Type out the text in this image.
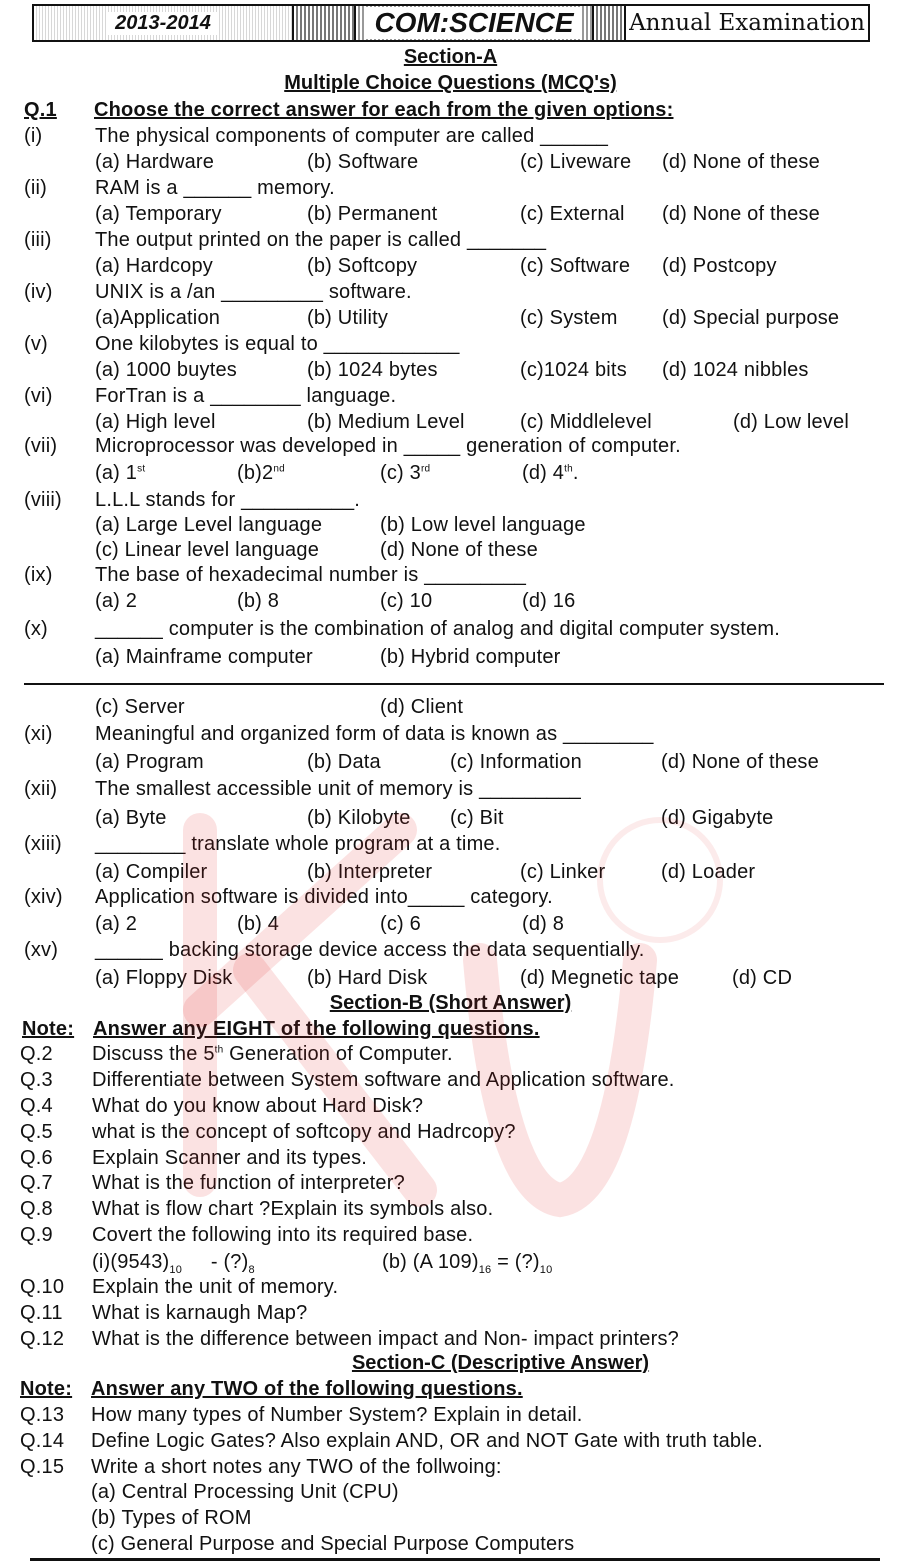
2013-2014	COM:SCIENCE	Annual Examination
Section-A
Multiple Choice Questions (MCQ's)
Q.1 Choose the correct answer for each from the given options:
(i)	The physical components of computer are called ______
(a) Hardware	(b) Software	(c) Liveware (d) None of these
(ii) RAM is a ______ memory.
(a) Temporary	(b) Permanent	(c) External (d) None of these
(iii) The output printed on the paper is called _______
(a) Hardcopy	(b) Softcopy	(c) Software (d) Postcopy
(iv) UNIX is a /an _________ software.
(a)Application	(b) Utility	(c) System (d) Special purpose
(v) One kilobytes is equal to ____________
(a) 1000 buytes	(b) 1024 bytes	(c)1024 bits (d) 1024 nibbles
(vi) ForTran is a ________ language.
(a) High level	(b) Medium Level	(c) Middlelevel	(d) Low level
(vii) Microprocessor was developed in _____ generation of computer.
(a) 1st	(b)2nd	(c) 3rd	(d) 4th.
(viii) L.L.L stands for __________.
(a) Large Level language	(b) Low level language
(c) Linear level language	(d) None of these
(ix) The base of hexadecimal number is _________
(a) 2	(b) 8	(c) 10	(d) 16
(x) ______ computer is the combination of analog and digital computer system.
(a) Mainframe computer	(b) Hybrid computer
(c) Server	(d) Client
(xi) Meaningful and organized form of data is known as ________
(a) Program	(b) Data	(c) Information	(d) None of these
(xii) The smallest accessible unit of memory is _________
(a) Byte	(b) Kilobyte (c) Bit	(d) Gigabyte
(xiii) ________ translate whole program at a time.
(a) Compiler	(b) Interpreter	(c) Linker	(d) Loader
(xiv) Application software is divided into_____ category.
(a) 2	(b) 4	(c) 6	(d) 8
(xv) ______ backing storage device access the data sequentially.
(a) Floppy Disk	(b) Hard Disk	(d) Megnetic tape	(d) CD
Section-B (Short Answer)
Note: Answer any EIGHT of the following questions.
Q.2 Discuss the 5th Generation of Computer.
Q.3 Differentiate between System software and Application software.
Q.4 What do you know about Hard Disk?
Q.5 what is the concept of softcopy and Hadrcopy?
Q.6 Explain Scanner and its types.
Q.7 What is the function of interpreter?
Q.8 What is flow chart ?Explain its symbols also.
Q.9 Covert the following into its required base.
Q.10 Explain the unit of memory.
Q.11 What is karnaugh Map?
Q.12 What is the difference between impact and Non- impact printers?
$(i)(9543)_{10}$ - $(?)_8$	(b) (A $109)_{16}$ = $(?)_{10}$
Section-C (Descriptive Answer)
Note: Answer any TWO of the following questions.
Q.13 How many types of Number System? Explain in detail.
Q.14 Define Logic Gates? Also explain AND, OR and NOT Gate with truth table.
Q.15 Write a short notes any TWO of the follwoing:
(a) Central Processing Unit (CPU)
(b) Types of ROM
(c) General Purpose and Special Purpose Computers
